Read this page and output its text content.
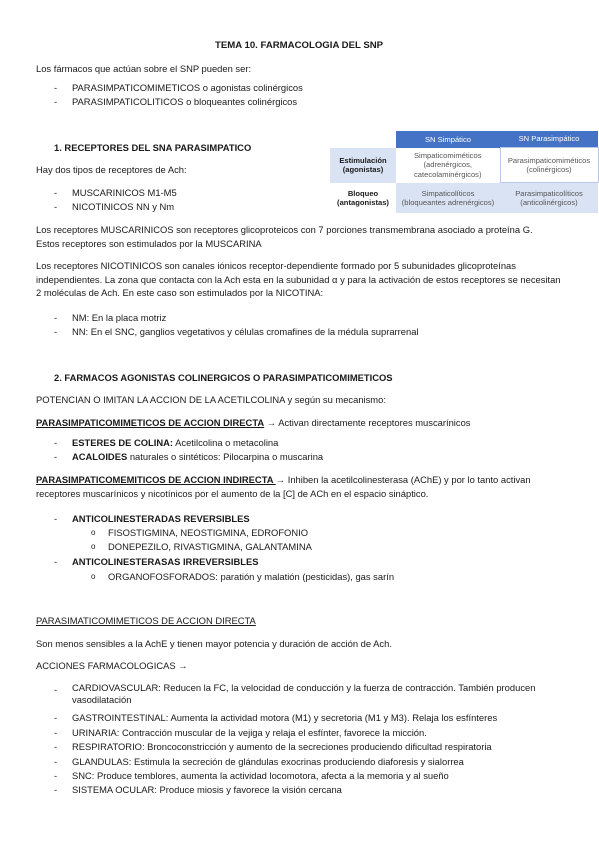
TEMA 10. FARMACOLOGIA DEL SNP
Los fármacos que actúan sobre el SNP pueden ser:
- PARASIMPATICOMIMETICOS o agonistas colinérgicos
- PARASIMPATICOLITICOS o bloqueantes colinérgicos
1. RECEPTORES DEL SNA PARASIMPATICO
Hay dos tipos de receptores de Ach:
- MUSCARINICOS M1-M5
- NICOTINICOS NN y Nm
	SN Simpático	SN Parasimpático
Estimulación (agonistas)	Simpaticomiméticos (adrenérgicos, catecolaminérgicos)	Parasimpaticomiméticos (colinérgicos)
Bloqueo (antagonistas)	Simpaticolíticos (bloqueantes adrenérgicos)	Parasimpaticolíticos (anticolinérgicos)
Los receptores MUSCARINICOS son receptores glicoproteicos con 7 porciones transmembrana asociado a proteína G. Estos receptores son estimulados por la MUSCARINA
Los receptores NICOTINICOS son canales iónicos receptor-dependiente formado por 5 subunidades glicoproteínas independientes. La zona que contacta con la Ach esta en la subunidad α y para la activación de estos receptores se necesitan 2 moléculas de Ach. En este caso son estimulados por la NICOTINA:
- NM: En la placa motriz
- NN: En el SNC, ganglios vegetativos y células cromafines de la médula suprarrenal
2. FARMACOS AGONISTAS COLINERGICOS O PARASIMPATICOMIMETICOS
POTENCIAN O IMITAN LA ACCION DE LA ACETILCOLINA y según su mecanismo:
PARASIMPATICOMIMETICOS DE ACCION DIRECTA → Activan directamente receptores muscarínicos
- ESTERES DE COLINA: Acetilcolina o metacolina
- ACALOIDES naturales o sintéticos: Pilocarpina o muscarina
PARASIMPATICOMEMITICOS DE ACCION INDIRECTA → Inhiben la acetilcolinesterasa (AChE) y por lo tanto activan receptores muscarínicos y nicotínicos por el aumento de la [C] de ACh en el espacio sináptico.
- ANTICOLINESTERADAS REVERSIBLES
o FISOSTIGMINA, NEOSTIGMINA, EDROFONIO
o DONEPEZILO, RIVASTIGMINA, GALANTAMINA
- ANTICOLINESTERASAS IRREVERSIBLES
o ORGANOFOSFORADOS: paratión y malatión (pesticidas), gas sarín
PARASIMATICOMIMETICOS DE ACCION DIRECTA
Son menos sensibles a la AchE y tienen mayor potencia y duración de acción de Ach.
ACCIONES FARMACOLOGICAS →
- CARDIOVASCULAR: Reducen la FC, la velocidad de conducción y la fuerza de contracción. También producen vasodilatación
- GASTROINTESTINAL: Aumenta la actividad motora (M1) y secretoria (M1 y M3). Relaja los esfínteres
- URINARIA: Contracción muscular de la vejiga y relaja el esfínter, favorece la micción.
- RESPIRATORIO: Broncoconstricción y aumento de la secreciones produciendo dificultad respiratoria
- GLANDULAS: Estimula la secreción de glándulas exocrinas produciendo diaforesis y sialorrea
- SNC: Produce temblores, aumenta la actividad locomotora, afecta a la memoria y al sueño
- SISTEMA OCULAR: Produce miosis y favorece la visión cercana
